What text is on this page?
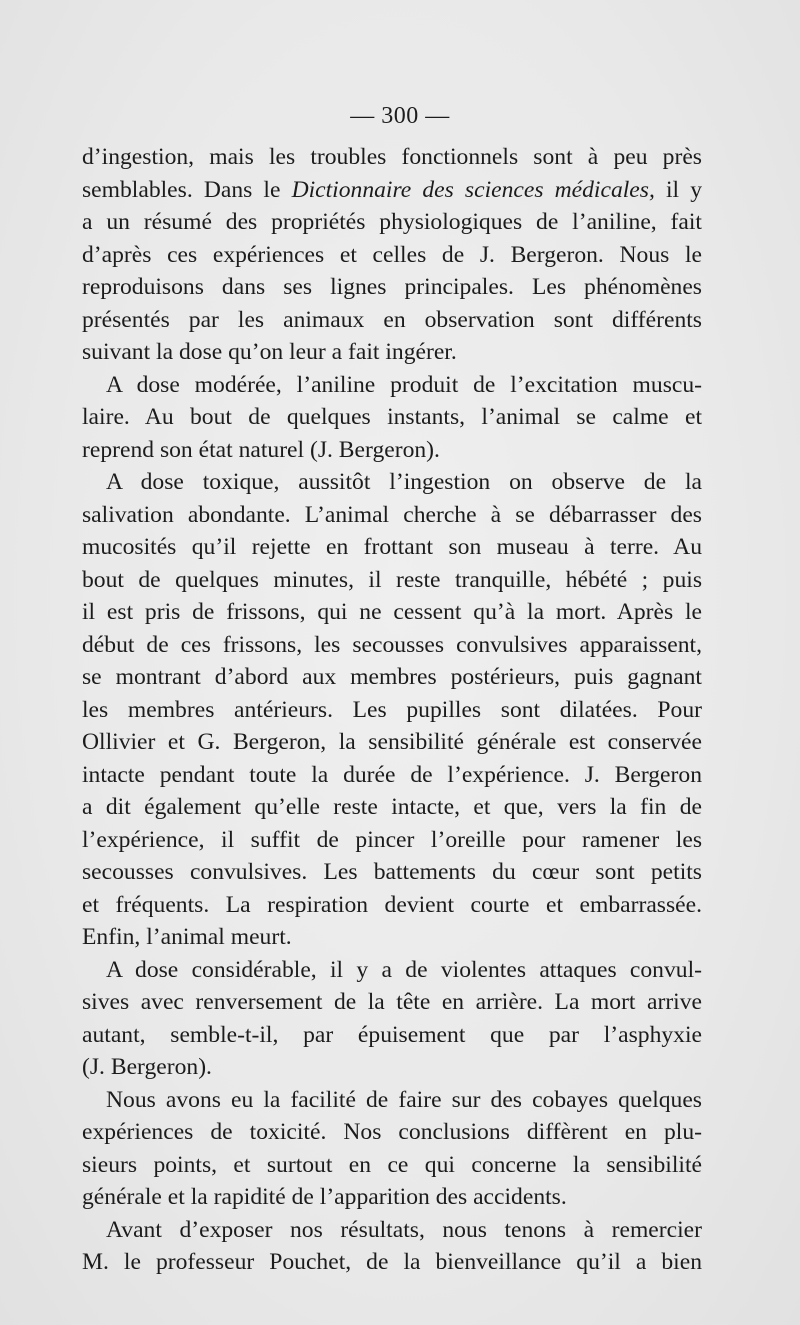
— 300 —
d’ingestion, mais les troubles fonctionnels sont à peu près
semblables. Dans le Dictionnaire des sciences médicales, il y
a un résumé des propriétés physiologiques de l’aniline, fait
d’après ces expériences et celles de J. Bergeron. Nous le
reproduisons dans ses lignes principales. Les phénomènes
présentés par les animaux en observation sont différents
suivant la dose qu’on leur a fait ingérer.
A dose modérée, l’aniline produit de l’excitation muscu-
laire. Au bout de quelques instants, l’animal se calme et
reprend son état naturel (J. Bergeron).
A dose toxique, aussitôt l’ingestion on observe de la
salivation abondante. L’animal cherche à se débarrasser des
mucosités qu’il rejette en frottant son museau à terre. Au
bout de quelques minutes, il reste tranquille, hébété ; puis
il est pris de frissons, qui ne cessent qu’à la mort. Après le
début de ces frissons, les secousses convulsives apparaissent,
se montrant d’abord aux membres postérieurs, puis gagnant
les membres antérieurs. Les pupilles sont dilatées. Pour
Ollivier et G. Bergeron, la sensibilité générale est conservée
intacte pendant toute la durée de l’expérience. J. Bergeron
a dit également qu’elle reste intacte, et que, vers la fin de
l’expérience, il suffit de pincer l’oreille pour ramener les
secousses convulsives. Les battements du cœur sont petits
et fréquents. La respiration devient courte et embarrassée.
Enfin, l’animal meurt.
A dose considérable, il y a de violentes attaques convul-
sives avec renversement de la tête en arrière. La mort arrive
autant, semble-t-il, par épuisement que par l’asphyxie
(J. Bergeron).
Nous avons eu la facilité de faire sur des cobayes quelques
expériences de toxicité. Nos conclusions diffèrent en plu-
sieurs points, et surtout en ce qui concerne la sensibilité
générale et la rapidité de l’apparition des accidents.
Avant d’exposer nos résultats, nous tenons à remercier
M. le professeur Pouchet, de la bienveillance qu’il a bien
